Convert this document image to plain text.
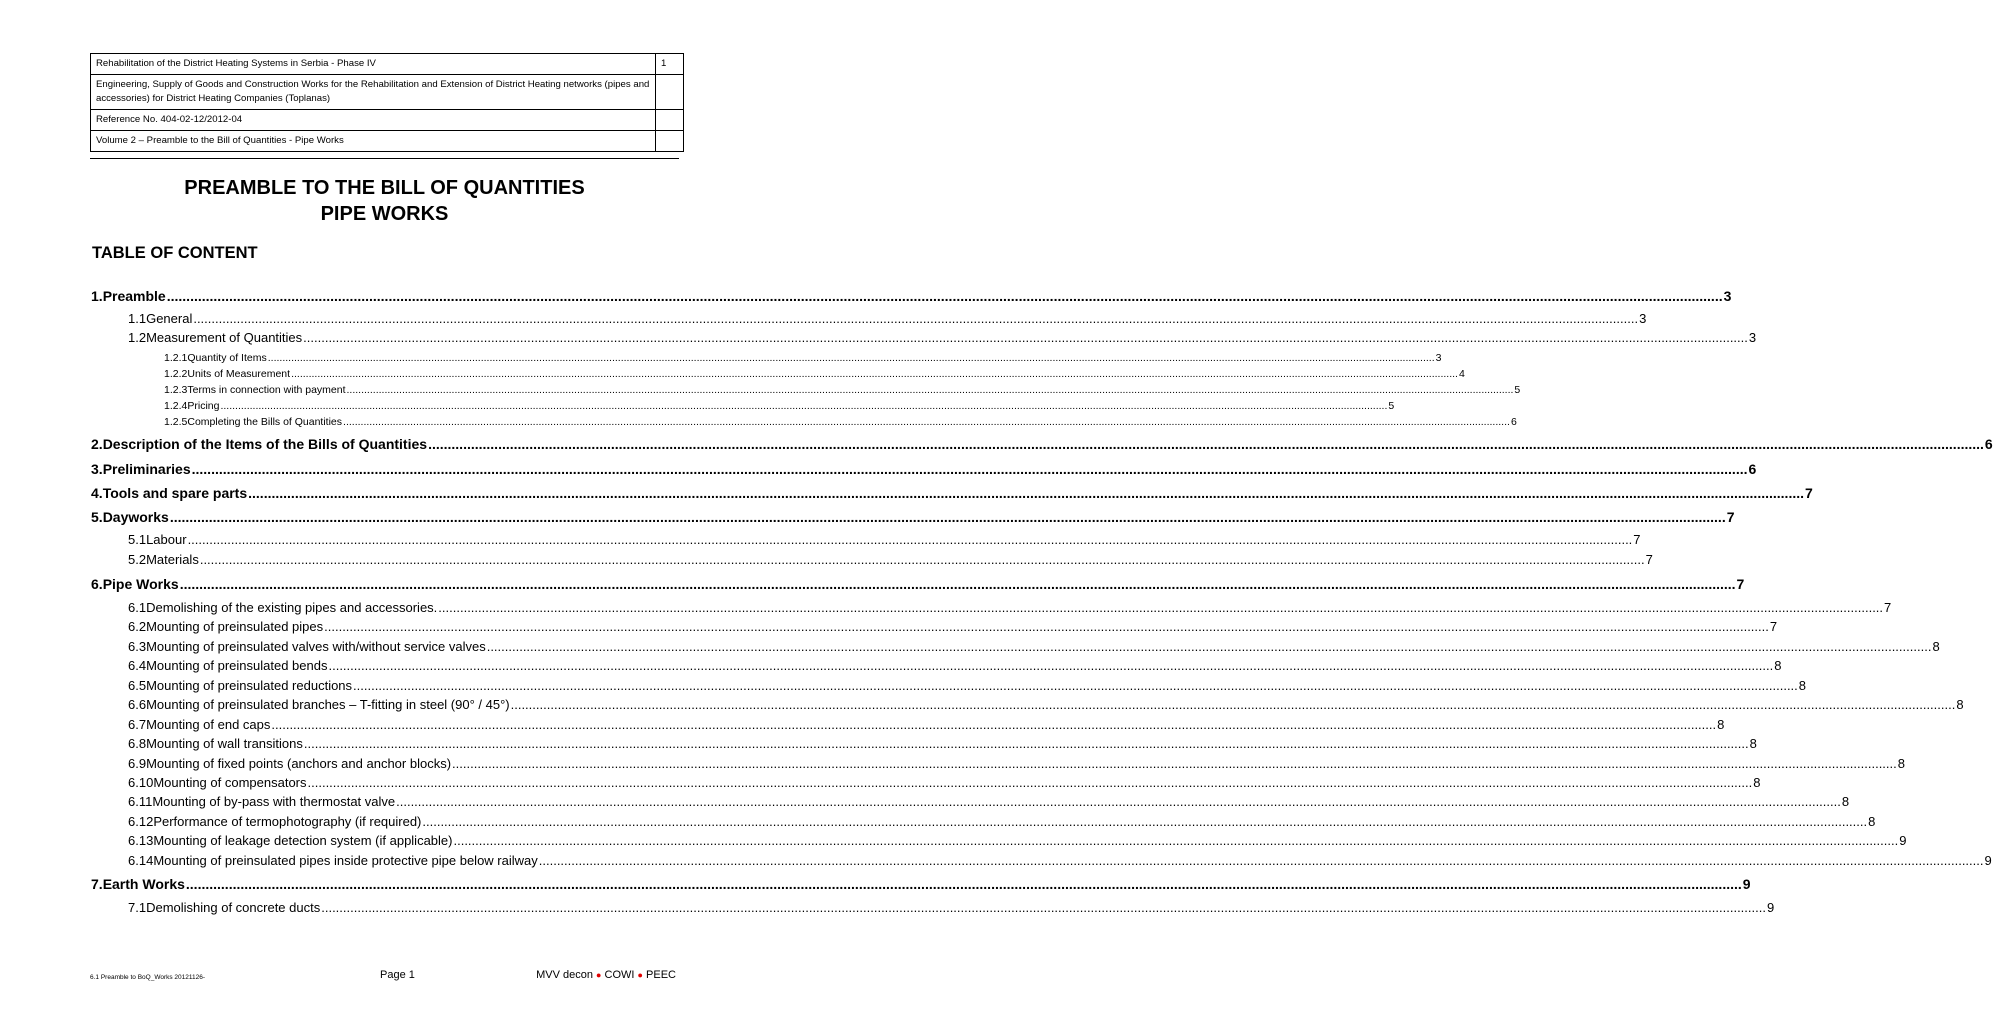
Rehabilitation of the District Heating Systems in Serbia - Phase IV	1
Engineering, Supply of Goods and Construction Works for the Rehabilitation and Extension of District Heating networks (pipes and accessories) for District Heating Companies (Toplanas)	
Reference No. 404-02-12/2012-04	
Volume 2 – Preamble to the Bill of Quantities - Pipe Works	
PREAMBLE TO THE BILL OF QUANTITIES
PIPE WORKS
TABLE OF CONTENT
1. Preamble ................................................................................................................................................................................................................................................................................................................................................................................................................ 3
1.1 General ................................................................................................................................................................................................................................................................................................................................................................................................................ 3
1.2 Measurement of Quantities ................................................................................................................................................................................................................................................................................................................................................................................................................ 3
1.2.1 Quantity of Items ................................................................................................................................................................................................................................................................................................................................................................................................................ 3
1.2.2 Units of Measurement ................................................................................................................................................................................................................................................................................................................................................................................................................ 4
1.2.3 Terms in connection with payment ................................................................................................................................................................................................................................................................................................................................................................................................................ 5
1.2.4 Pricing ................................................................................................................................................................................................................................................................................................................................................................................................................ 5
1.2.5 Completing the Bills of Quantities ................................................................................................................................................................................................................................................................................................................................................................................................................ 6
2. Description of the Items of the Bills of Quantities ................................................................................................................................................................................................................................................................................................................................................................................................................ 6
3. Preliminaries ................................................................................................................................................................................................................................................................................................................................................................................................................ 6
4. Tools and spare parts ................................................................................................................................................................................................................................................................................................................................................................................................................ 7
5. Dayworks ................................................................................................................................................................................................................................................................................................................................................................................................................ 7
5.1 Labour ................................................................................................................................................................................................................................................................................................................................................................................................................ 7
5.2 Materials ................................................................................................................................................................................................................................................................................................................................................................................................................ 7
6. Pipe Works ................................................................................................................................................................................................................................................................................................................................................................................................................ 7
6.1 Demolishing of the existing pipes and accessories. ................................................................................................................................................................................................................................................................................................................................................................................................................ 7
6.2 Mounting of preinsulated pipes ................................................................................................................................................................................................................................................................................................................................................................................................................ 7
6.3 Mounting of preinsulated valves with/without service valves ................................................................................................................................................................................................................................................................................................................................................................................................................ 8
6.4 Mounting of preinsulated bends ................................................................................................................................................................................................................................................................................................................................................................................................................ 8
6.5 Mounting of preinsulated reductions ................................................................................................................................................................................................................................................................................................................................................................................................................ 8
6.6 Mounting of preinsulated branches – T-fitting in steel (90° / 45°) ................................................................................................................................................................................................................................................................................................................................................................................................................ 8
6.7 Mounting of end caps ................................................................................................................................................................................................................................................................................................................................................................................................................ 8
6.8 Mounting of wall transitions ................................................................................................................................................................................................................................................................................................................................................................................................................ 8
6.9 Mounting of fixed points (anchors and anchor blocks) ................................................................................................................................................................................................................................................................................................................................................................................................................ 8
6.10 Mounting of compensators ................................................................................................................................................................................................................................................................................................................................................................................................................ 8
6.11 Mounting of by-pass with thermostat valve ................................................................................................................................................................................................................................................................................................................................................................................................................ 8
6.12 Performance of termophotography (if required) ................................................................................................................................................................................................................................................................................................................................................................................................................ 8
6.13 Mounting of leakage detection system (if applicable) ................................................................................................................................................................................................................................................................................................................................................................................................................ 9
6.14 Mounting of preinsulated pipes inside protective pipe below railway ................................................................................................................................................................................................................................................................................................................................................................................................................ 9
7. Earth Works ................................................................................................................................................................................................................................................................................................................................................................................................................ 9
7.1 Demolishing of concrete ducts ................................................................................................................................................................................................................................................................................................................................................................................................................ 9
6.1 Preamble to BoQ_Works 20121126-	Page 1	MVV decon ● COWI ● PEEC
